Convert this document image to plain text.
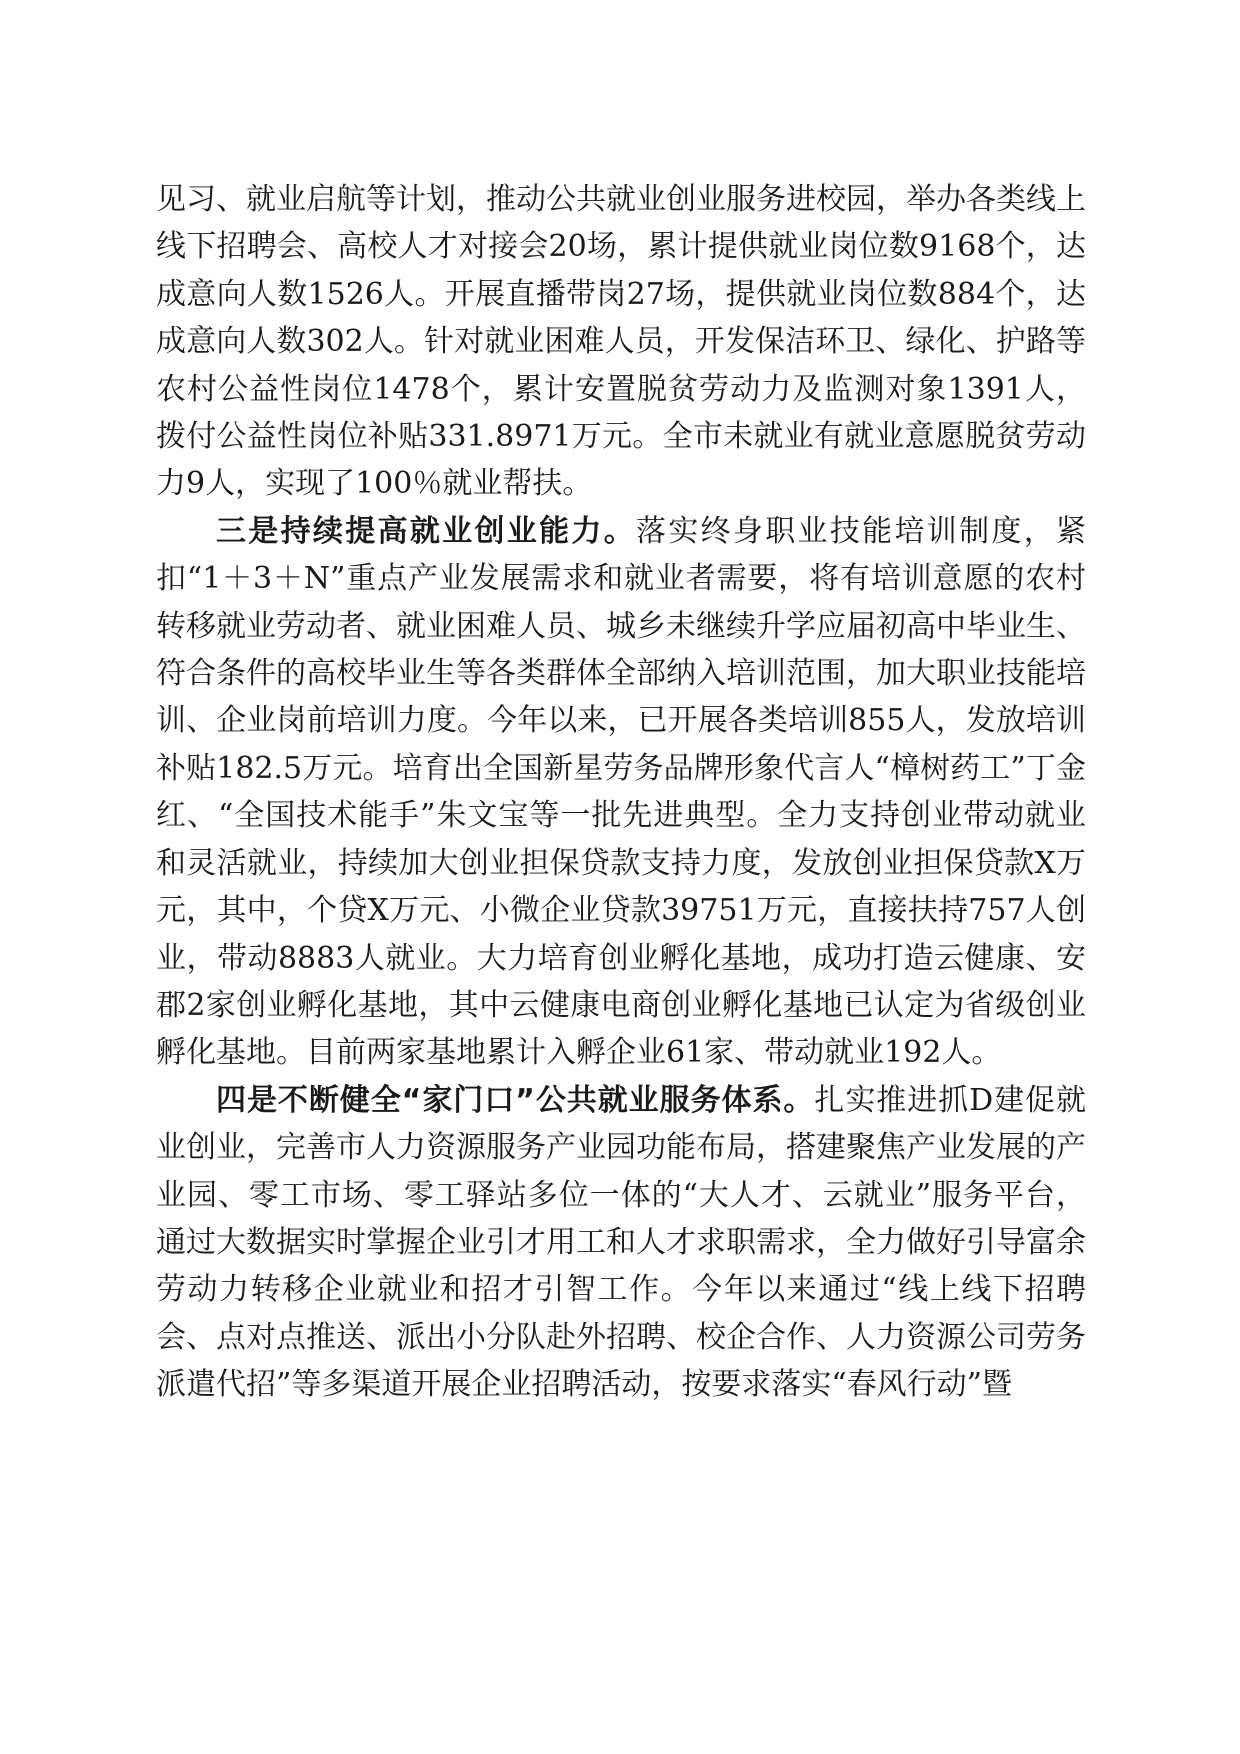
见习、就业启航等计划，推动公共就业创业服务进校园，举办各类线上线下招聘会、高校人才对接会20场，累计提供就业岗位数9168个，达成意向人数1526人。开展直播带岗27场，提供就业岗位数884个，达成意向人数302人。针对就业困难人员，开发保洁环卫、绿化、护路等农村公益性岗位1478个，累计安置脱贫劳动力及监测对象1391人，拨付公益性岗位补贴331.8971万元。全市未就业有就业意愿脱贫劳动力9人，实现了100％就业帮扶。

三是持续提高就业创业能力。落实终身职业技能培训制度，紧扣“1＋3＋N”重点产业发展需求和就业者需要，将有培训意愿的农村转移就业劳动者、就业困难人员、城乡未继续升学应届初高中毕业生、符合条件的高校毕业生等各类群体全部纳入培训范围，加大职业技能培训、企业岗前培训力度。今年以来，已开展各类培训855人，发放培训补贴182.5万元。培育出全国新星劳务品牌形象代言人“樟树药工”丁金红、“全国技术能手”朱文宝等一批先进典型。全力支持创业带动就业和灵活就业，持续加大创业担保贷款支持力度，发放创业担保贷款X万元，其中，个贷X万元、小微企业贷款39751万元，直接扶持757人创业，带动8883人就业。大力培育创业孵化基地，成功打造云健康、安郡2家创业孵化基地，其中云健康电商创业孵化基地已认定为省级创业孵化基地。目前两家基地累计入孵企业61家、带动就业192人。

四是不断健全“家门口”公共就业服务体系。扎实推进抓D建促就业创业，完善市人力资源服务产业园功能布局，搭建聚焦产业发展的产业园、零工市场、零工驿站多位一体的“大人才、云就业”服务平台，通过大数据实时掌握企业引才用工和人才求职需求，全力做好引导富余劳动力转移企业就业和招才引智工作。今年以来通过“线上线下招聘会、点对点推送、派出小分队赴外招聘、校企合作、人力资源公司劳务派遣代招”等多渠道开展企业招聘活动，按要求落实“春风行动”暨
